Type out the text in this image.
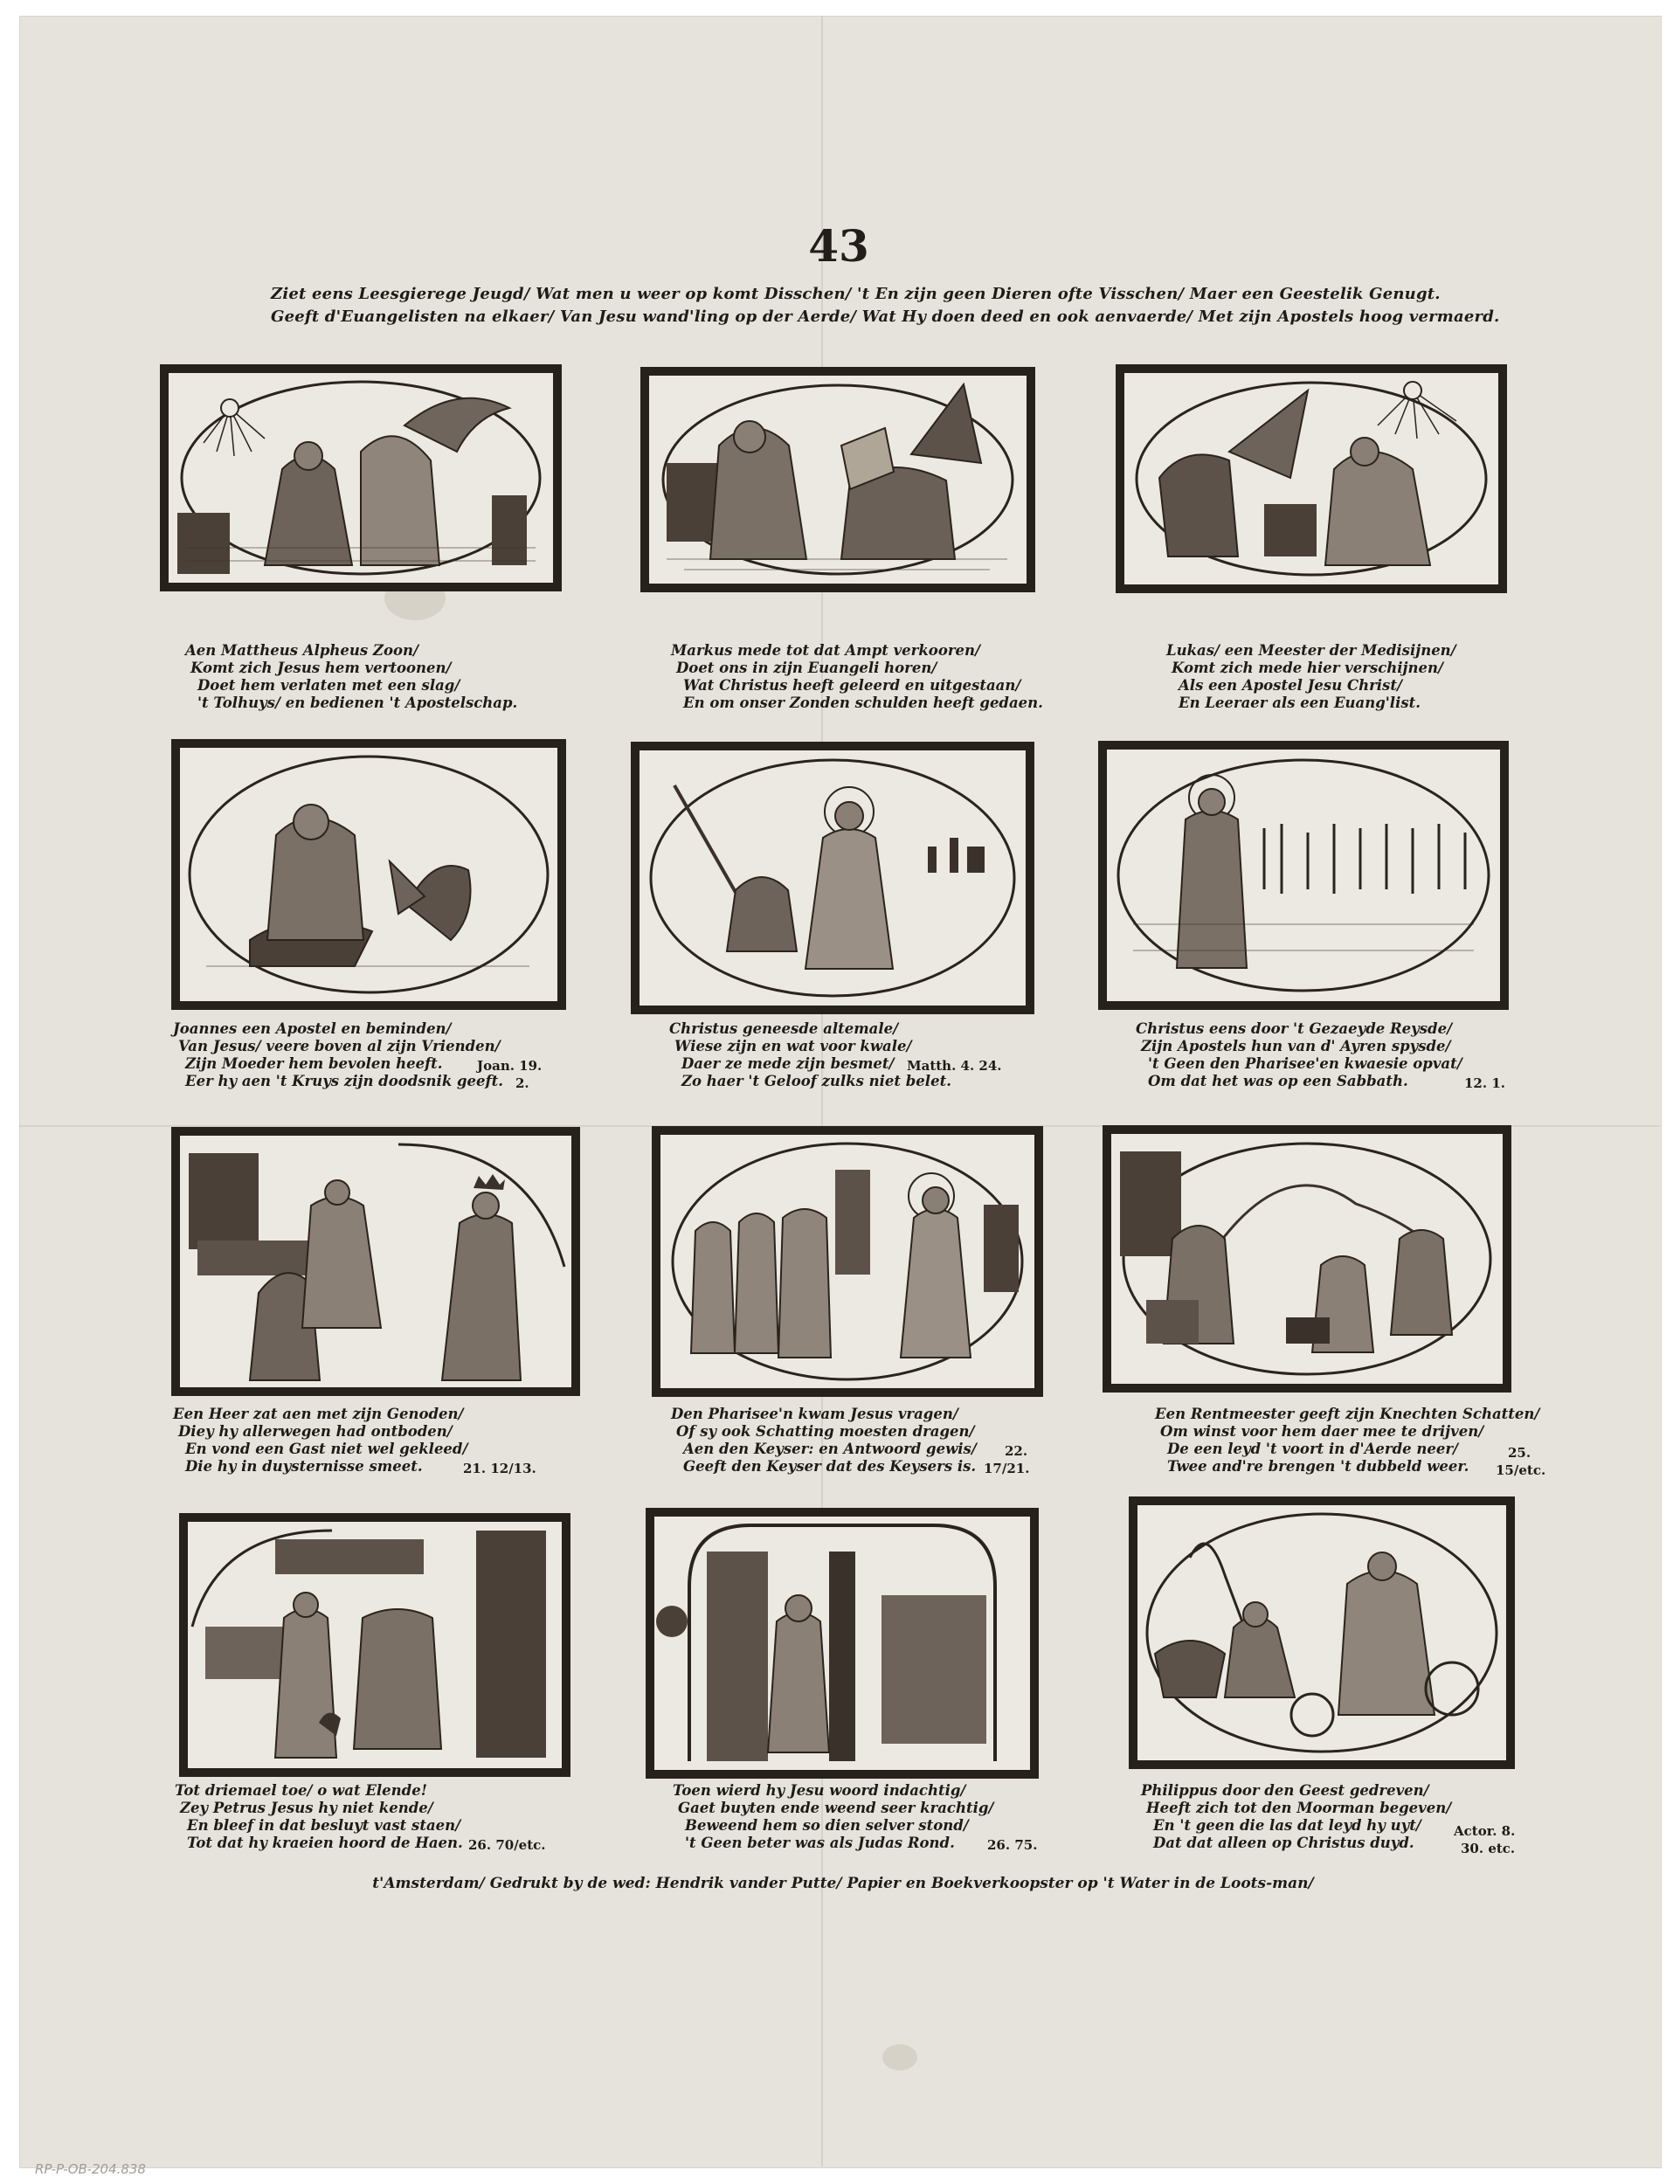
43
Ziet eens Leesgierege Jeugd/ Wat men u weer op komt Disschen/ 't En zijn geen Dieren ofte Visschen/ Maer een Geestelik Genugt.
Geeft d'Euangelisten na elkaer/ Van Jesu wand'ling op der Aerde/ Wat Hy doen deed en ook aenvaerde/ Met zijn Apostels hoog vermaerd.
Aen Mattheus Alpheus Zoon/
Komt zich Jesus hem vertoonen/
Doet hem verlaten met een slag/
't Tolhuys/ en bedienen 't Apostelschap.
Markus mede tot dat Ampt verkooren/
Doet ons in zijn Euangeli horen/
Wat Christus heeft geleerd en uitgestaan/
En om onser Zonden schulden heeft gedaen.
Lukas/ een Meester der Medisijnen/
Komt zich mede hier verschijnen/
Als een Apostel Jesu Christ/
En Leeraer als een Euang'list.
Joannes een Apostel en beminden/
Van Jesus/ veere boven al zijn Vrienden/
Zijn Moeder hem bevolen heeft.
Eer hy aen 't Kruys zijn doodsnik geeft.
Joan. 19.
2.
Christus geneesde altemale/
Wiese zijn en wat voor kwale/
Daer ze mede zijn besmet/
Zo haer 't Geloof zulks niet belet.
Matth. 4. 24.
Christus eens door 't Gezaeyde Reysde/
Zijn Apostels hun van d' Ayren spysde/
't Geen den Pharisee'en kwaesie opvat/
Om dat het was op een Sabbath.	12. 1.
Een Heer zat aen met zijn Genoden/
Diey hy allerwegen had ontboden/
En vond een Gast niet wel gekleed/
Die hy in duysternisse smeet.	21. 12/13.
Den Pharisee'n kwam Jesus vragen/
Of sy ook Schatting moesten dragen/
Aen den Keyser: en Antwoord gewis/
Geeft den Keyser dat des Keysers is.
22.
17/21.
Een Rentmeester geeft zijn Knechten Schatten/
Om winst voor hem daer mee te drijven/
De een leyd 't voort in d'Aerde neer/
Twee and're brengen 't dubbeld weer.
25.
15/etc.
Tot driemael toe/ o wat Elende!
Zey Petrus Jesus hy niet kende/
En bleef in dat besluyt vast staen/
Tot dat hy kraeien hoord de Haen. 26. 70/etc.
Toen wierd hy Jesu woord indachtig/
Gaet buyten ende weend seer krachtig/
Beweend hem so dien selver stond/
't Geen beter was als Judas Rond.	26. 75.
Philippus door den Geest gedreven/
Heeft zich tot den Moorman begeven/
En 't geen die las dat leyd hy uyt/
Dat dat alleen op Christus duyd.
Actor. 8.
30. etc.
t'Amsterdam/ Gedrukt by de wed: Hendrik vander Putte/ Papier en Boekverkoopster op 't Water in de Loots-man/
RP-P-OB-204.838
